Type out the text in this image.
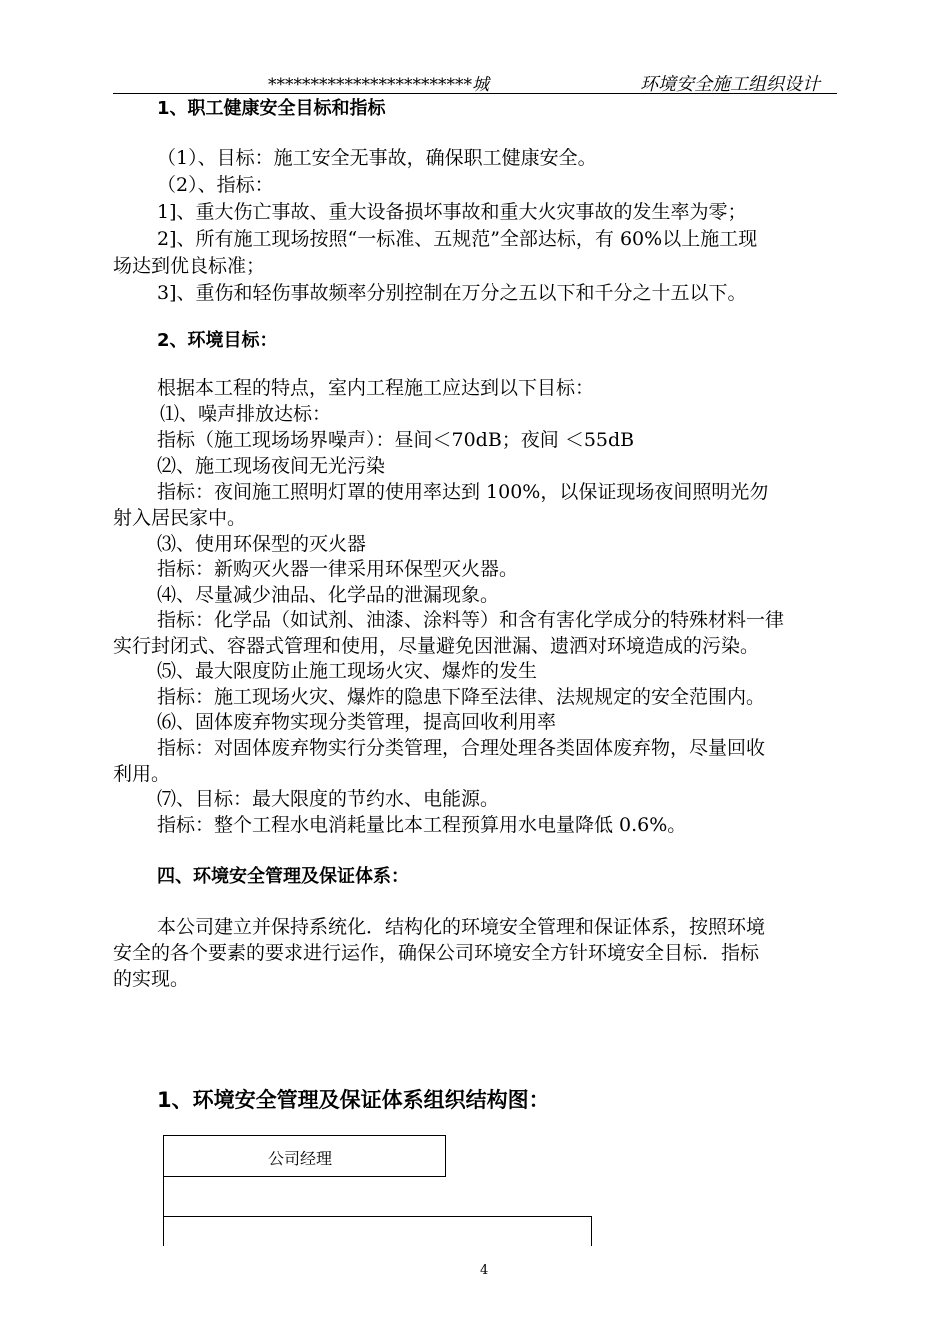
************************城	环境安全施工组织设计
1、职工健康安全目标和指标
（1）、目标：施工安全无事故，确保职工健康安全。
（2）、指标：
1]、重大伤亡事故、重大设备损坏事故和重大火灾事故的发生率为零；
2]、所有施工现场按照“一标准、五规范”全部达标，有 60%以上施工现
场达到优良标准；
3]、重伤和轻伤事故频率分别控制在万分之五以下和千分之十五以下。
2、环境目标：
根据本工程的特点，室内工程施工应达到以下目标：
⑴、噪声排放达标：
指标（施工现场场界噪声）：昼间＜70dB；夜间 ＜55dB
⑵、施工现场夜间无光污染
指标：夜间施工照明灯罩的使用率达到 100%，以保证现场夜间照明光勿
射入居民家中。
⑶、使用环保型的灭火器
指标：新购灭火器一律采用环保型灭火器。
⑷、尽量减少油品、化学品的泄漏现象。
指标：化学品（如试剂、油漆、涂料等）和含有害化学成分的特殊材料一律
实行封闭式、容器式管理和使用，尽量避免因泄漏、遗洒对环境造成的污染。
⑸、最大限度防止施工现场火灾、爆炸的发生
指标：施工现场火灾、爆炸的隐患下降至法律、法规规定的安全范围内。
⑹、固体废弃物实现分类管理，提高回收利用率
指标：对固体废弃物实行分类管理，合理处理各类固体废弃物，尽量回收
利用。
⑺、目标：最大限度的节约水、电能源。
指标：整个工程水电消耗量比本工程预算用水电量降低 0.6%。
四、环境安全管理及保证体系：
本公司建立并保持系统化．结构化的环境安全管理和保证体系，按照环境
安全的各个要素的要求进行运作，确保公司环境安全方针环境安全目标．指标
的实现。
1、环境安全管理及保证体系组织结构图：
公司经理
4
